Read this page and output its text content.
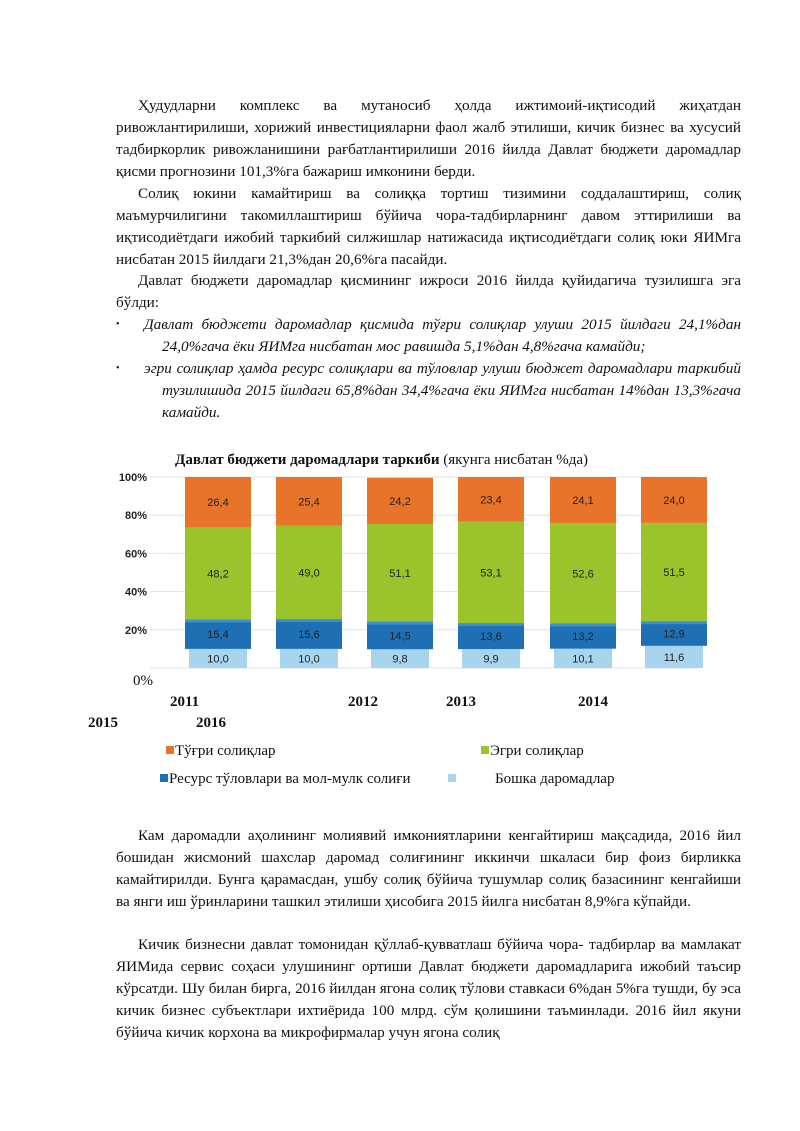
Ҳудудларни комплекс ва мутаносиб ҳолда ижтимоий-иқтисодий жиҳатдан ривожлантирилиши, хорижий инвестицияларни фаол жалб этилиши, кичик бизнес ва хусусий тадбиркорлик ривожланишини рағбатлантирилиши 2016 йилда Давлат бюджети даромадлар қисми прогнозини 101,3%га бажариш имконини берди.

Солиқ юкини камайтириш ва солиққа тортиш тизимини соддалаштириш, солиқ маъмурчилигини такомиллаштириш бўйича чора-тадбирларнинг давом эттирилиши ва иқтисодиётдаги ижобий таркибий силжишлар натижасида иқтисодиётдаги солиқ юки ЯИМга нисбатан 2015 йилдаги 21,3%дан 20,6%га пасайди.

Давлат бюджети даромадлар қисмининг ижроси 2016 йилда қуйидагича тузилишга эга бўлди:

• Давлат бюджети даромадлар қисмида тўғри солиқлар улуши 2015 йилдаги 24,1%дан 24,0%гача ёки ЯИМга нисбатан мос равишда 5,1%дан 4,8%гача камайди;
• эгри солиқлар ҳамда ресурс солиқлари ва тўловлар улуши бюджет даромадлари таркибий тузилишида 2015 йилдаги 65,8%дан 34,4%гача ёки ЯИМга нисбатан 14%дан 13,3%гача камайди.
Давлат бюджети даромадлари таркиби (якунга нисбатан %да)
20%
40%
60%
80%
100%
10,0
15,4
48,2
26,4
10,0
15,6
49,0
25,4
9,8
14,5
51,1
24,2
9,9
13,6
53,1
23,4
10,1
13,2
52,6
24,1
11,6
12,9
51,5
24,0
0%
2011	2012	2013	2014
2015	2016
Тўғри солиқлар	Эгри солиқлар
Ресурс тўловлари ва мол-мулк солиғи	Бошка даромадлар

Кам даромадли аҳолининг молиявий имкониятларини кенгайтириш мақсадида, 2016 йил бошидан жисмоний шахслар даромад солиғининг иккинчи шкаласи бир фоиз бирликка камайтирилди. Бунга қарамасдан, ушбу солиқ бўйича тушумлар солиқ базасининг кенгайиши ва янги иш ўринларини ташкил этилиши ҳисобига 2015 йилга нисбатан 8,9%га кўпайди.

Кичик бизнесни давлат томонидан қўллаб-қувватлаш бўйича чора- тадбирлар ва мамлакат ЯИМида сервис соҳаси улушининг ортиши Давлат бюджети даромадларига ижобий таъсир кўрсатди. Шу билан бирга, 2016 йилдан ягона солиқ тўлови ставкаси 6%дан 5%га тушди, бу эса кичик бизнес субъектлари ихтиёрида 100 млрд. сўм қолишини таъминлади. 2016 йил якуни бўйича кичик корхона ва микрофирмалар учун ягона солиқ
